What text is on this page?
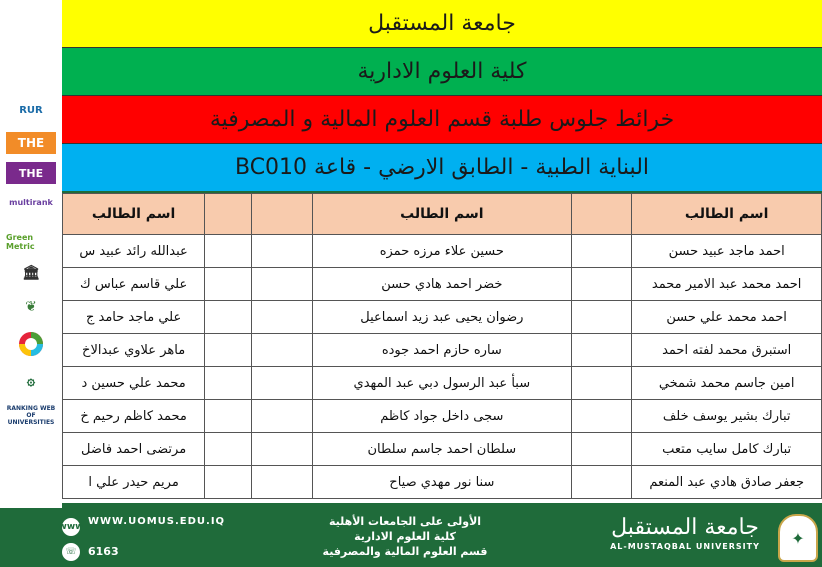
RUR
THE
THE
multirank
Green Metric
🏛
❦
۞
RANKING WEB OF UNIVERSITIES
جامعة المستقبل
كلية العلوم الادارية
خرائط جلوس طلبة قسم العلوم المالية و المصرفية
البناية الطبية - الطابق الارضي - قاعة BC010
اسم الطالب		اسم الطالب			اسم الطالب
احمد ماجد عبيد حسن		حسين علاء مرزه حمزه			عبدالله رائد عبيد س
احمد محمد عبد الامير محمد		خضر احمد هادي حسن			علي قاسم عباس ك
احمد محمد علي حسن		رضوان يحيى عبد زيد اسماعيل			علي ماجد حامد ج
استبرق محمد لفته احمد		ساره حازم احمد جوده			ماهر علاوي عبدالاخ
امين جاسم محمد شمخي		سبأ عبد الرسول دبي عبد المهدي			محمد علي حسين د
تبارك بشير يوسف خلف		سجى داخل جواد كاظم			محمد كاظم رحيم خ
تبارك كامل سايب متعب		سلطان احمد جاسم سلطان			مرتضى احمد فاضل
جعفر صادق هادي عبد المنعم		سنا نور مهدي صياح			مريم حيدر علي ا
www WWW.UOMUS.EDU.IQ
☏	6163
الأولى على الجامعات الأهلية
كلية العلوم الادارية
قسم العلوم المالية والمصرفية
جامعة المستقبل
AL-MUSTAQBAL UNIVERSITY	✦
